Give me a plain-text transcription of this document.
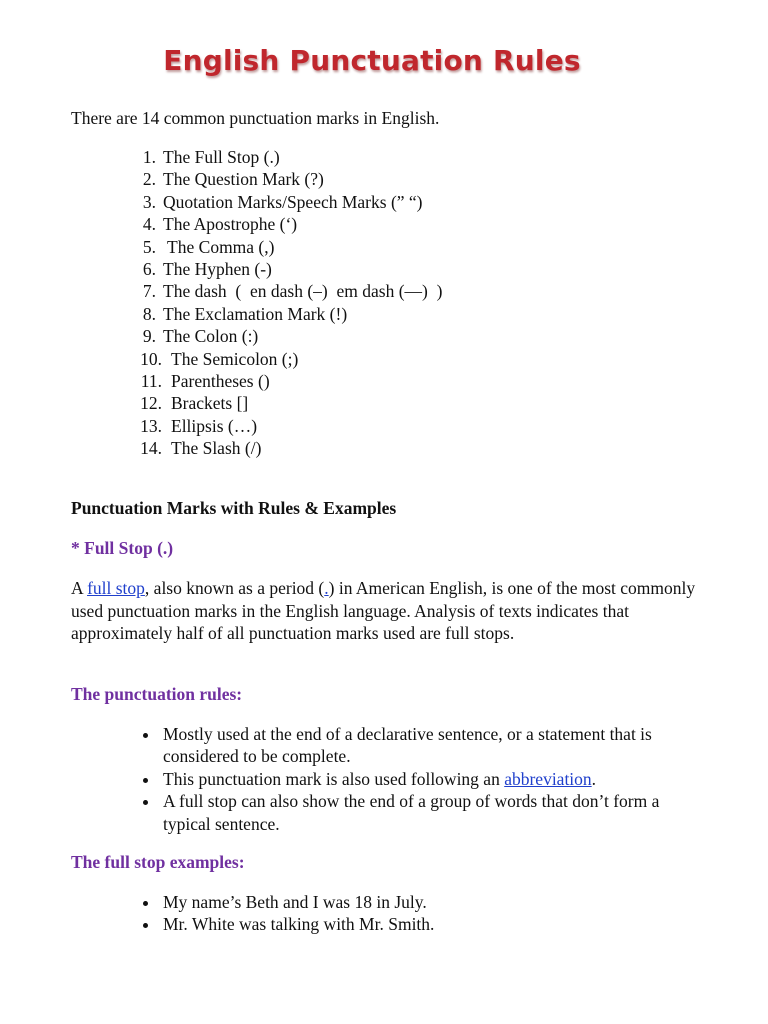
English Punctuation Rules

There are 14 common punctuation marks in English.

1. The Full Stop (.)
2. The Question Mark (?)
3. Quotation Marks/Speech Marks (” “)
4. The Apostrophe (‘)
5. The Comma (,)
6. The Hyphen (-)
7. The dash  (  en dash (–)  em dash (—)  )
8. The Exclamation Mark (!)
9. The Colon (:)
10. The Semicolon (;)
11. Parentheses ()
12. Brackets []
13. Ellipsis (…)
14. The Slash (/)
Punctuation Marks with Rules & Examples
* Full Stop (.)

A full stop, also known as a period (.) in American English, is one of the most commonly used punctuation marks in the English language. Analysis of texts indicates that approximately half of all punctuation marks used are full stops.

The punctuation rules:
Mostly used at the end of a declarative sentence, or a statement that is considered to be complete.
This punctuation mark is also used following an abbreviation.
A full stop can also show the end of a group of words that don’t form a typical sentence.
The full stop examples:
My name’s Beth and I was 18 in July.
Mr. White was talking with Mr. Smith.
